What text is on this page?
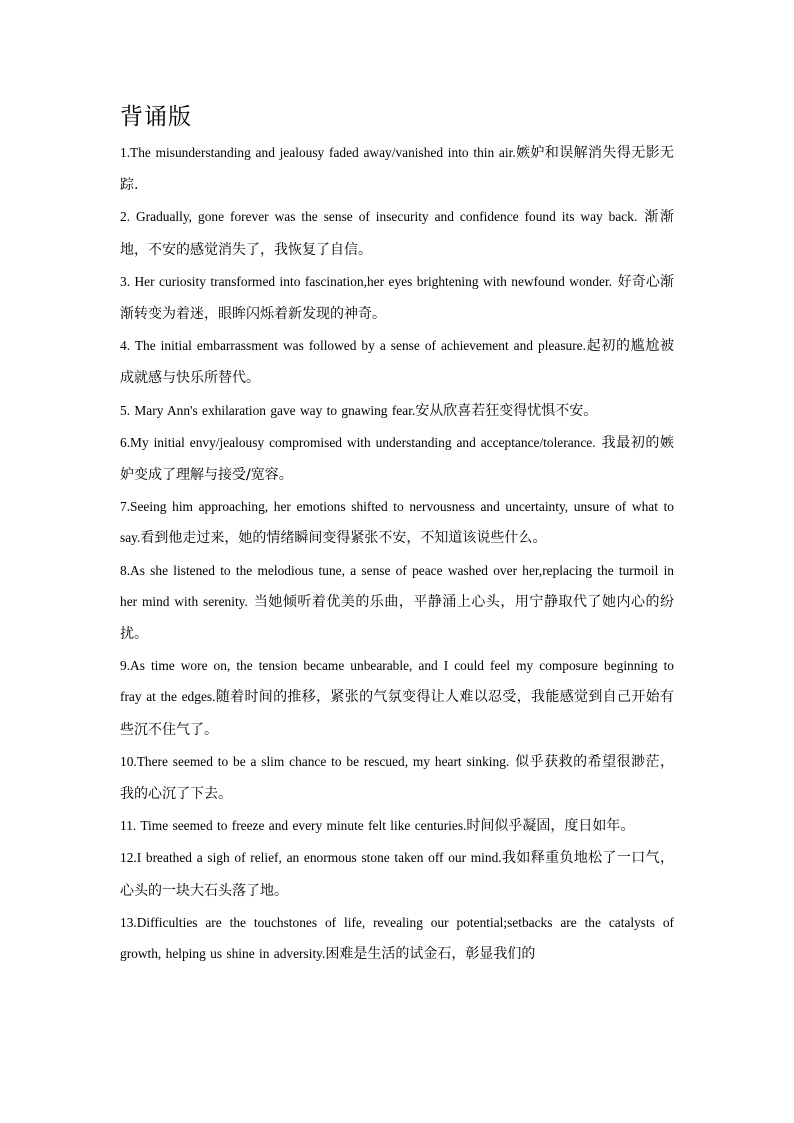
背诵版

1.The misunderstanding and jealousy faded away/vanished into thin air.嫉妒和误解消失得无影无踪.

2. Gradually, gone forever was the sense of insecurity and confidence found its way back. 渐渐地，不安的感觉消失了，我恢复了自信。

3. Her curiosity transformed into fascination,her eyes brightening with newfound wonder. 好奇心渐渐转变为着迷，眼眸闪烁着新发现的神奇。

4. The initial embarrassment was followed by a sense of achievement and pleasure.起初的尴尬被成就感与快乐所替代。

5. Mary Ann's exhilaration gave way to gnawing fear.安从欣喜若狂变得忧惧不安。

6.My initial envy/jealousy compromised with understanding and acceptance/tolerance. 我最初的嫉妒变成了理解与接受/宽容。

7.Seeing him approaching, her emotions shifted to nervousness and uncertainty, unsure of what to say.看到他走过来，她的情绪瞬间变得紧张不安，不知道该说些什么。

8.As she listened to the melodious tune, a sense of peace washed over her,replacing the turmoil in her mind with serenity. 当她倾听着优美的乐曲，平静涌上心头，用宁静取代了她内心的纷扰。

9.As time wore on, the tension became unbearable, and I could feel my composure beginning to fray at the edges.随着时间的推移，紧张的气氛变得让人难以忍受，我能感觉到自己开始有些沉不住气了。

10.There seemed to be a slim chance to be rescued, my heart sinking. 似乎获救的希望很渺茫，我的心沉了下去。

11. Time seemed to freeze and every minute felt like centuries.时间似乎凝固，度日如年。

12.I breathed a sigh of relief, an enormous stone taken off our mind.我如释重负地松了一口气，心头的一块大石头落了地。

13.Difficulties are the touchstones of life, revealing our potential;setbacks are the catalysts of growth, helping us shine in adversity.困难是生活的试金石，彰显我们的
